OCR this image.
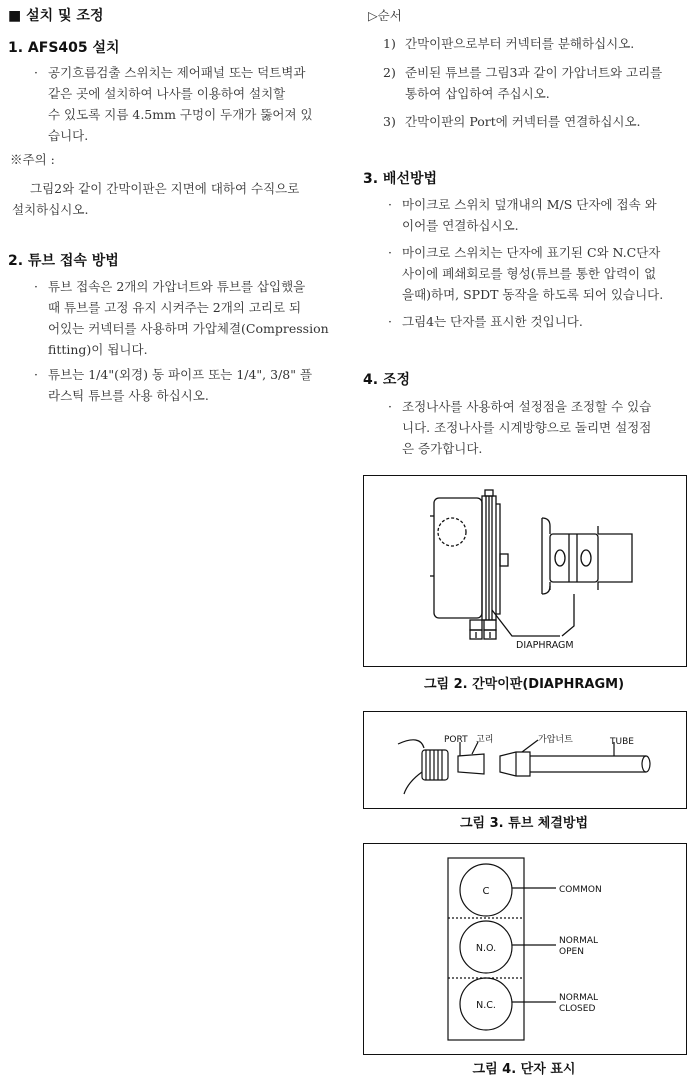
■ 설치 및 조정
1. AFS405 설치
· 공기흐름검출 스위치는 제어패널 또는 덕트벽과
같은 곳에 설치하여 나사를 이용하여 설치할
수 있도록 지름 4.5mm 구멍이 두개가 뚫어져 있
습니다.
※주의 :
그림2와 같이 간막이판은 지면에 대하여 수직으로
설치하십시오.
2. 튜브 접속 방법
· 튜브 접속은 2개의 가압너트와 튜브를 삽입했을
때 튜브를 고정 유지 시켜주는 2개의 고리로 되
어있는 커넥터를 사용하며 가압체결(Compression
fitting)이 됩니다.
· 튜브는 1/4"(외경) 동 파이프 또는 1/4", 3/8" 플
라스틱 튜브를 사용 하십시오.
▷순서
1) 간막이판으로부터 커넥터를 분해하십시오.
2) 준비된 튜브를 그림3과 같이 가압너트와 고리를
통하여 삽입하여 주십시오.
3) 간막이판의 Port에 커넥터를 연결하십시오.
3. 배선방법
· 마이크로 스위치 덮개내의 M/S 단자에 접속 와
이어를 연결하십시오.
· 마이크로 스위치는 단자에 표기된 C와 N.C단자
사이에 폐쇄회로를 형성(튜브를 통한 압력이 없
을때)하며, SPDT 동작을 하도록 되어 있습니다.
· 그림4는 단자를 표시한 것입니다.
4. 조정
· 조정나사를 사용하여 설정점을 조정할 수 있습
니다. 조정나사를 시계방향으로 돌리면 설정점
은 증가합니다.
DIAPHRAGM
그림 2. 간막이판(DIAPHRAGM)
PORT 고리	가압너트	TUBE
그림 3. 튜브 체결방법
C
N.O.
N.C.
COMMON
NORMAL
OPEN
NORMAL
CLOSED
그림 4. 단자 표시
